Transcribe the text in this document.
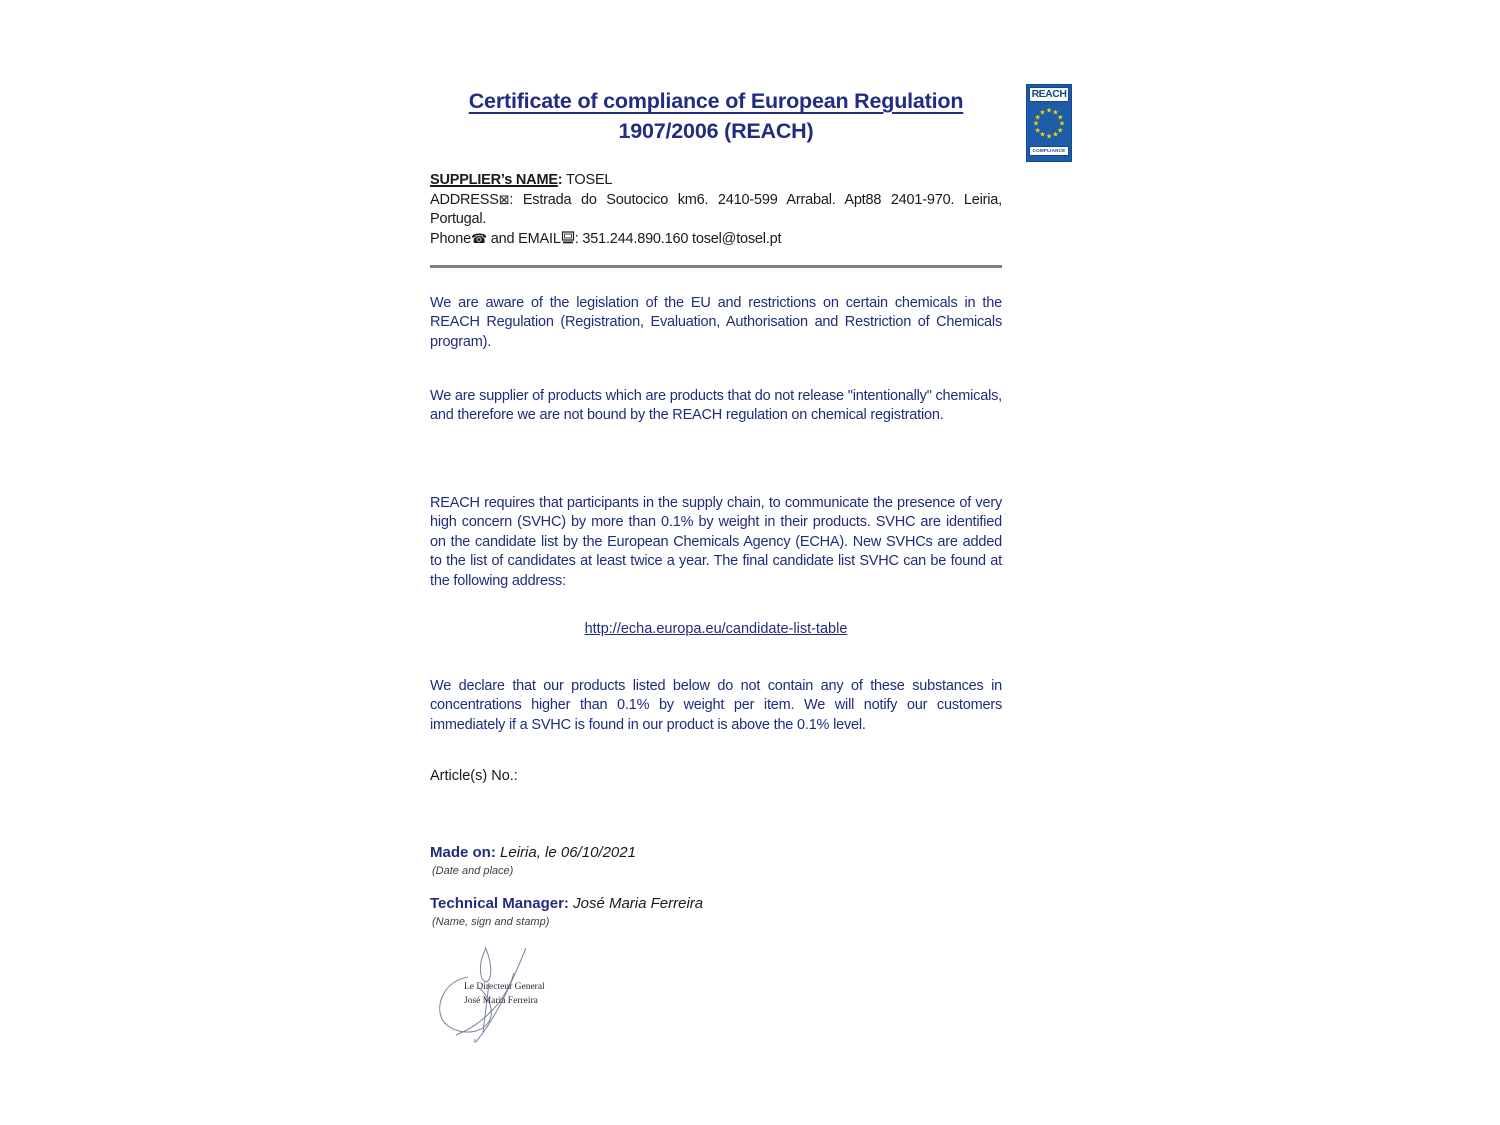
Certificate of compliance of European Regulation
1907/2006 (REACH)
SUPPLIER’s NAME: TOSEL
ADDRESS⊠: Estrada do Soutocico km6. 2410-599 Arrabal. Apt88 2401-970. Leiria, Portugal.
Phone☎ and EMAIL : 351.244.890.160 tosel@tosel.pt
We are aware of the legislation of the EU and restrictions on certain chemicals in the REACH Regulation (Registration, Evaluation, Authorisation and Restriction of Chemicals program).
We are supplier of products which are products that do not release "intentionally" chemicals, and therefore we are not bound by the REACH regulation on chemical registration.
REACH requires that participants in the supply chain, to communicate the presence of very high concern (SVHC) by more than 0.1% by weight in their products. SVHC are identified on the candidate list by the European Chemicals Agency (ECHA). New SVHCs are added to the list of candidates at least twice a year. The final candidate list SVHC can be found at the following address:
http://echa.europa.eu/candidate-list-table
We declare that our products listed below do not contain any of these substances in concentrations higher than 0.1% by weight per item. We will notify our customers immediately if a SVHC is found in our product is above the 0.1% level.
Article(s) No.:
Made on: Leiria, le 06/10/2021
(Date and place)
Technical Manager: José Maria Ferreira
(Name, sign and stamp)
Le Directeur General
José Maria Ferreira
REACH
★ ★
★
★
★
★
★
★
★
★
★
★
COMPLIANCE
